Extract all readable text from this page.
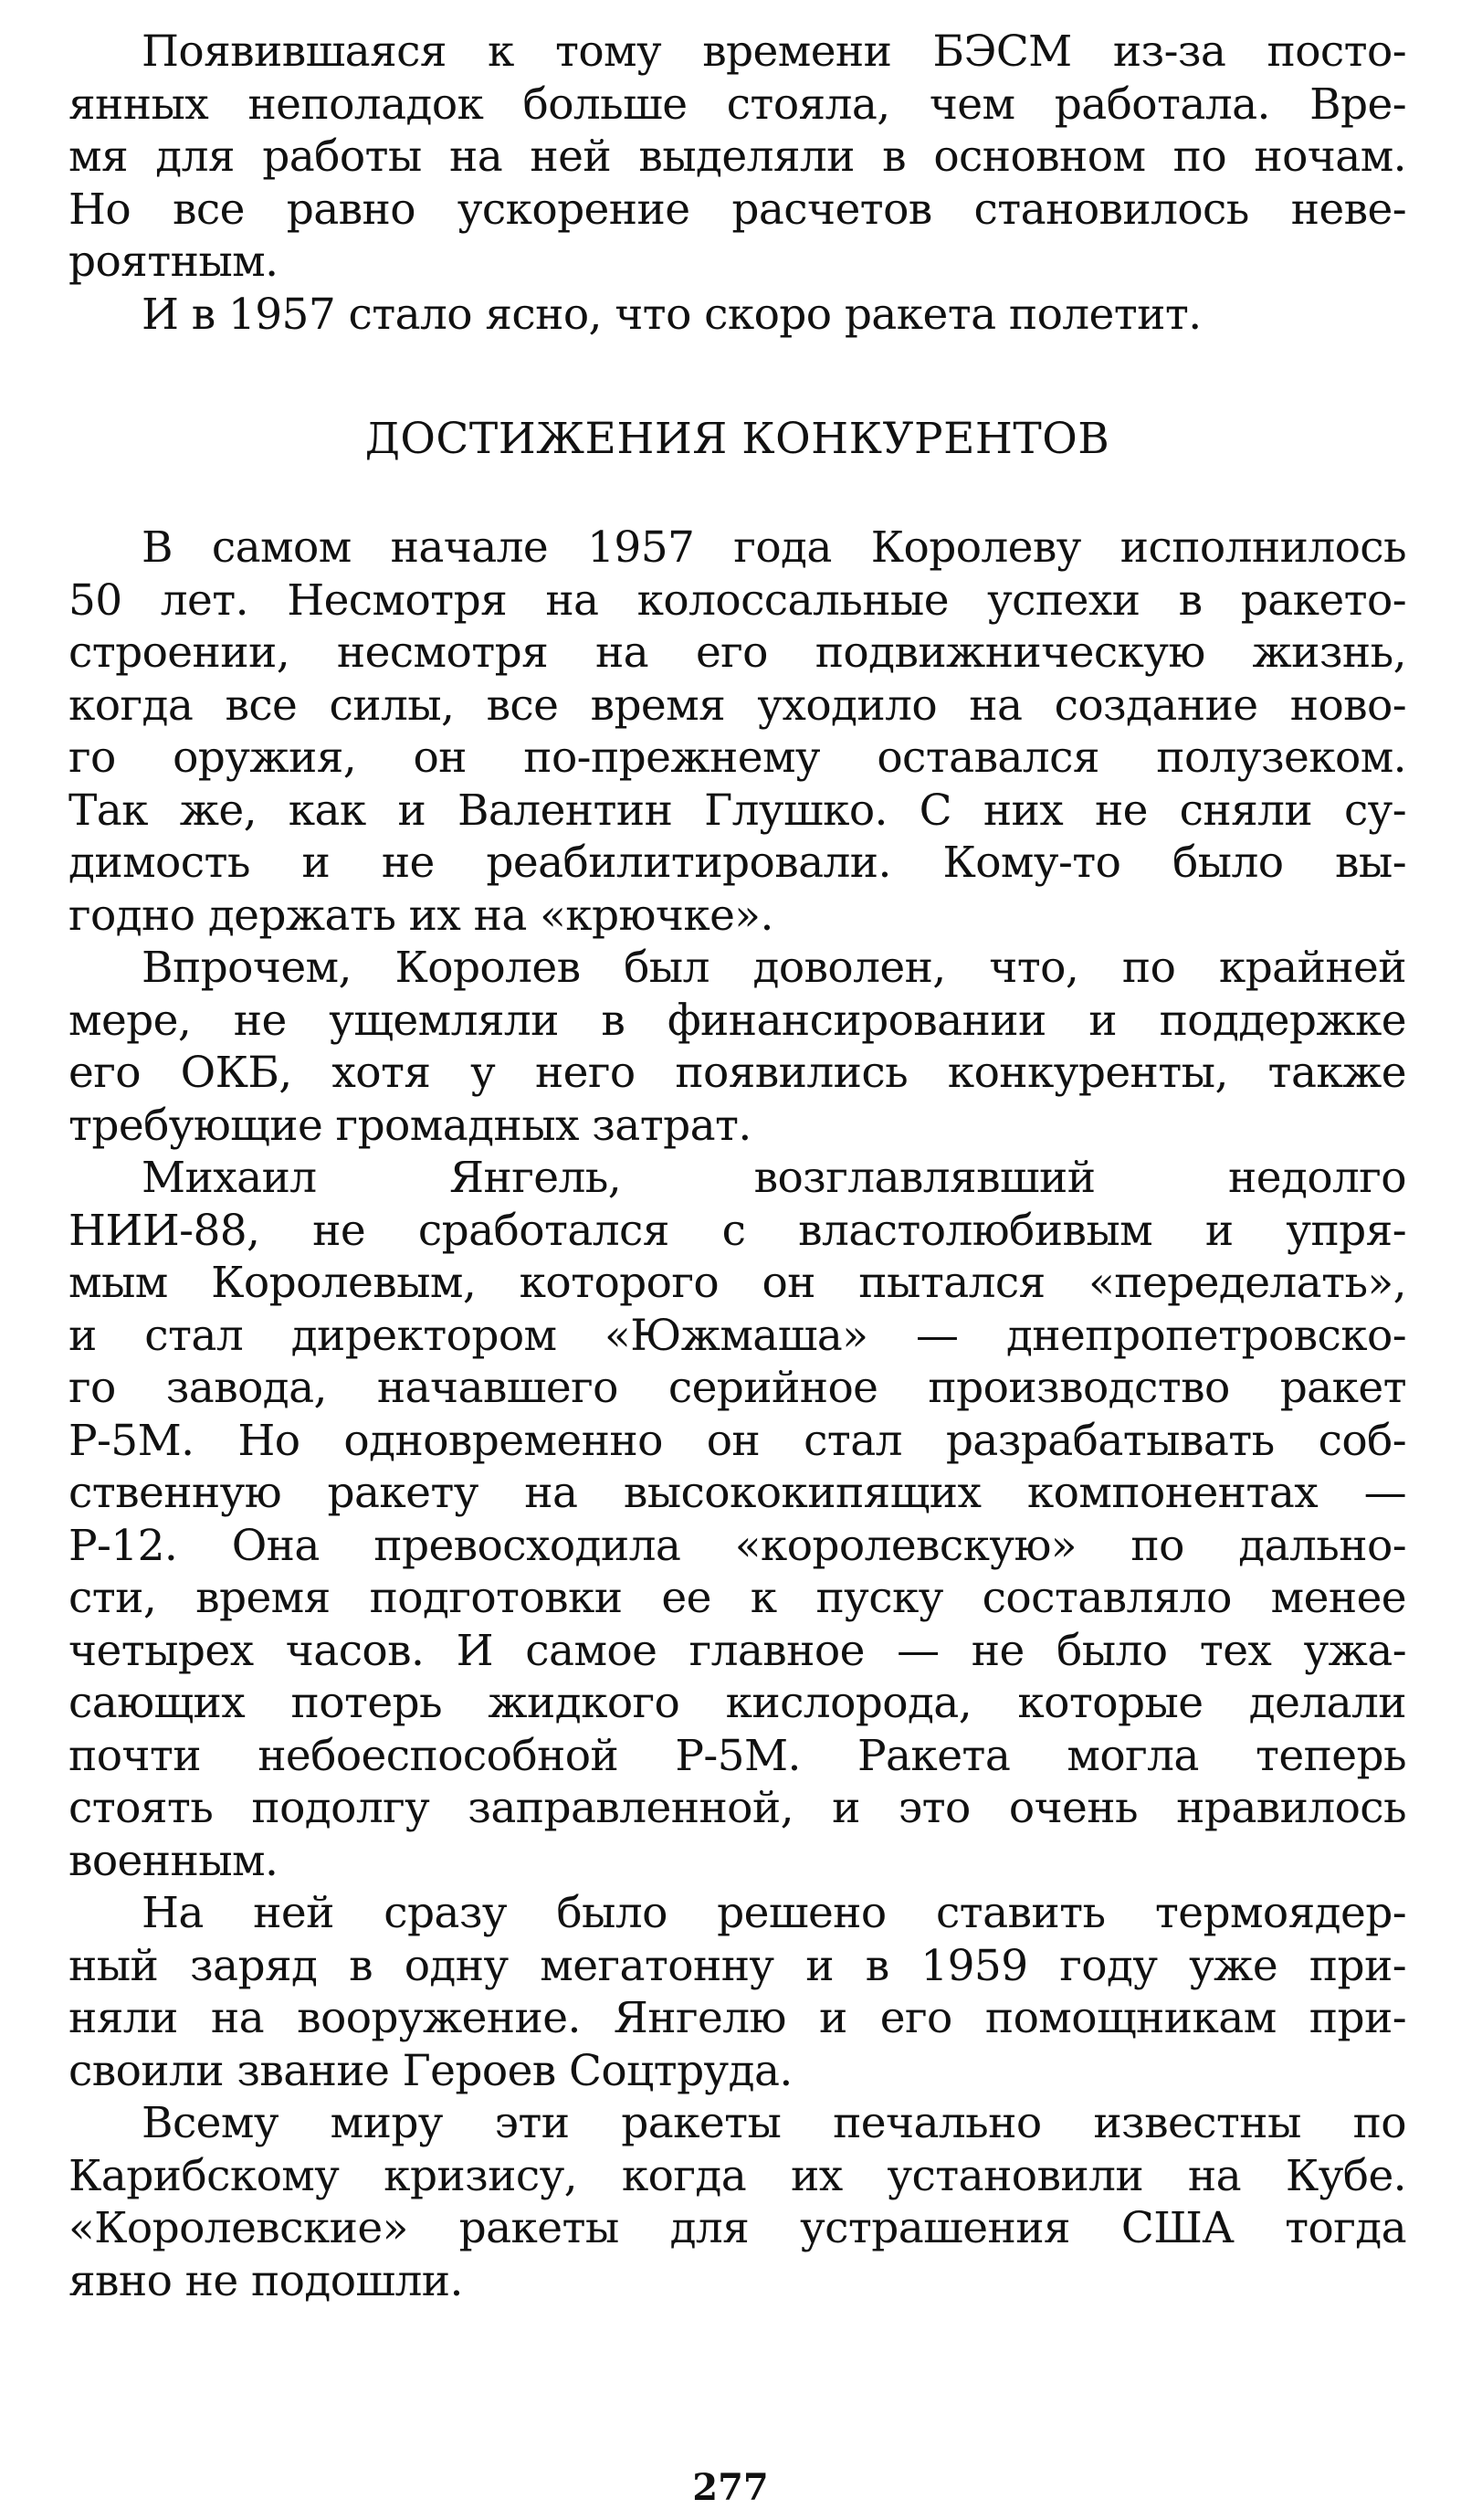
Появившаяся к тому времени БЭСМ из-за посто-
янных неполадок больше стояла, чем работала. Вре-
мя для работы на ней выделяли в основном по ночам.
Но все равно ускорение расчетов становилось неве-
роятным.
И в 1957 стало ясно, что скоро ракета полетит.
ДОСТИЖЕНИЯ КОНКУРЕНТОВ
В самом начале 1957 года Королеву исполнилось
50 лет. Несмотря на колоссальные успехи в ракето-
строении, несмотря на его подвижническую жизнь,
когда все силы, все время уходило на создание ново-
го оружия, он по-прежнему оставался полузеком.
Так же, как и Валентин Глушко. С них не сняли су-
димость и не реабилитировали. Кому-то было вы-
годно держать их на «крючке».
Впрочем, Королев был доволен, что, по крайней
мере, не ущемляли в финансировании и поддержке
его ОКБ, хотя у него появились конкуренты, также
требующие громадных затрат.
Михаил Янгель, возглавлявший недолго
НИИ-88, не сработался с властолюбивым и упря-
мым Королевым, которого он пытался «переделать»,
и стал директором «Южмаша» — днепропетровско-
го завода, начавшего серийное производство ракет
Р-5М. Но одновременно он стал разрабатывать соб-
ственную ракету на высококипящих компонентах —
Р-12. Она превосходила «королевскую» по дально-
сти, время подготовки ее к пуску составляло менее
четырех часов. И самое главное — не было тех ужа-
сающих потерь жидкого кислорода, которые делали
почти небоеспособной Р-5М. Ракета могла теперь
стоять подолгу заправленной, и это очень нравилось
военным.
На ней сразу было решено ставить термоядер-
ный заряд в одну мегатонну и в 1959 году уже при-
няли на вооружение. Янгелю и его помощникам при-
своили звание Героев Соцтруда.
Всему миру эти ракеты печально известны по
Карибскому кризису, когда их установили на Кубе.
«Королевские» ракеты для устрашения США тогда
явно не подошли.
277
